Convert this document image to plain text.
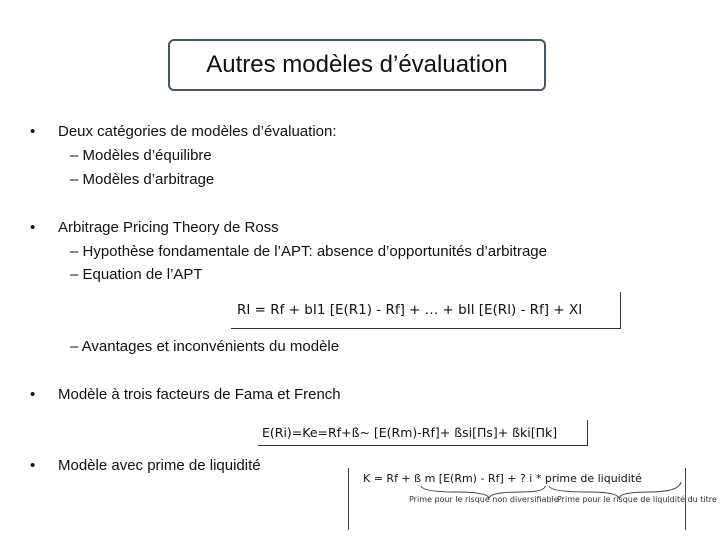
Autres modèles d’évaluation
• Deux catégories de modèles d’évaluation:
– Modèles d’équilibre
– Modèles d’arbitrage
• Arbitrage Pricing Theory de Ross
– Hypothèse fondamentale de l’APT: absence d’opportunités d’arbitrage
– Equation de l’APT
RI = Rf + bI1 [E(R1) - Rf] + … + bIl [E(Rl) - Rf] + XI
– Avantages et inconvénients du modèle
• Modèle à trois facteurs de Fama et French
E(Ri)=Ke=Rf+ß~ [E(Rm)-Rf]+ ßsi[Πs]+ ßki[Πk]
• Modèle avec prime de liquidité
K = Rf + ß m [E(Rm) - Rf] + ? i * prime de liquidité
Prime pour le risque non diversifiable
Prime pour le risque de liquidité du titre
